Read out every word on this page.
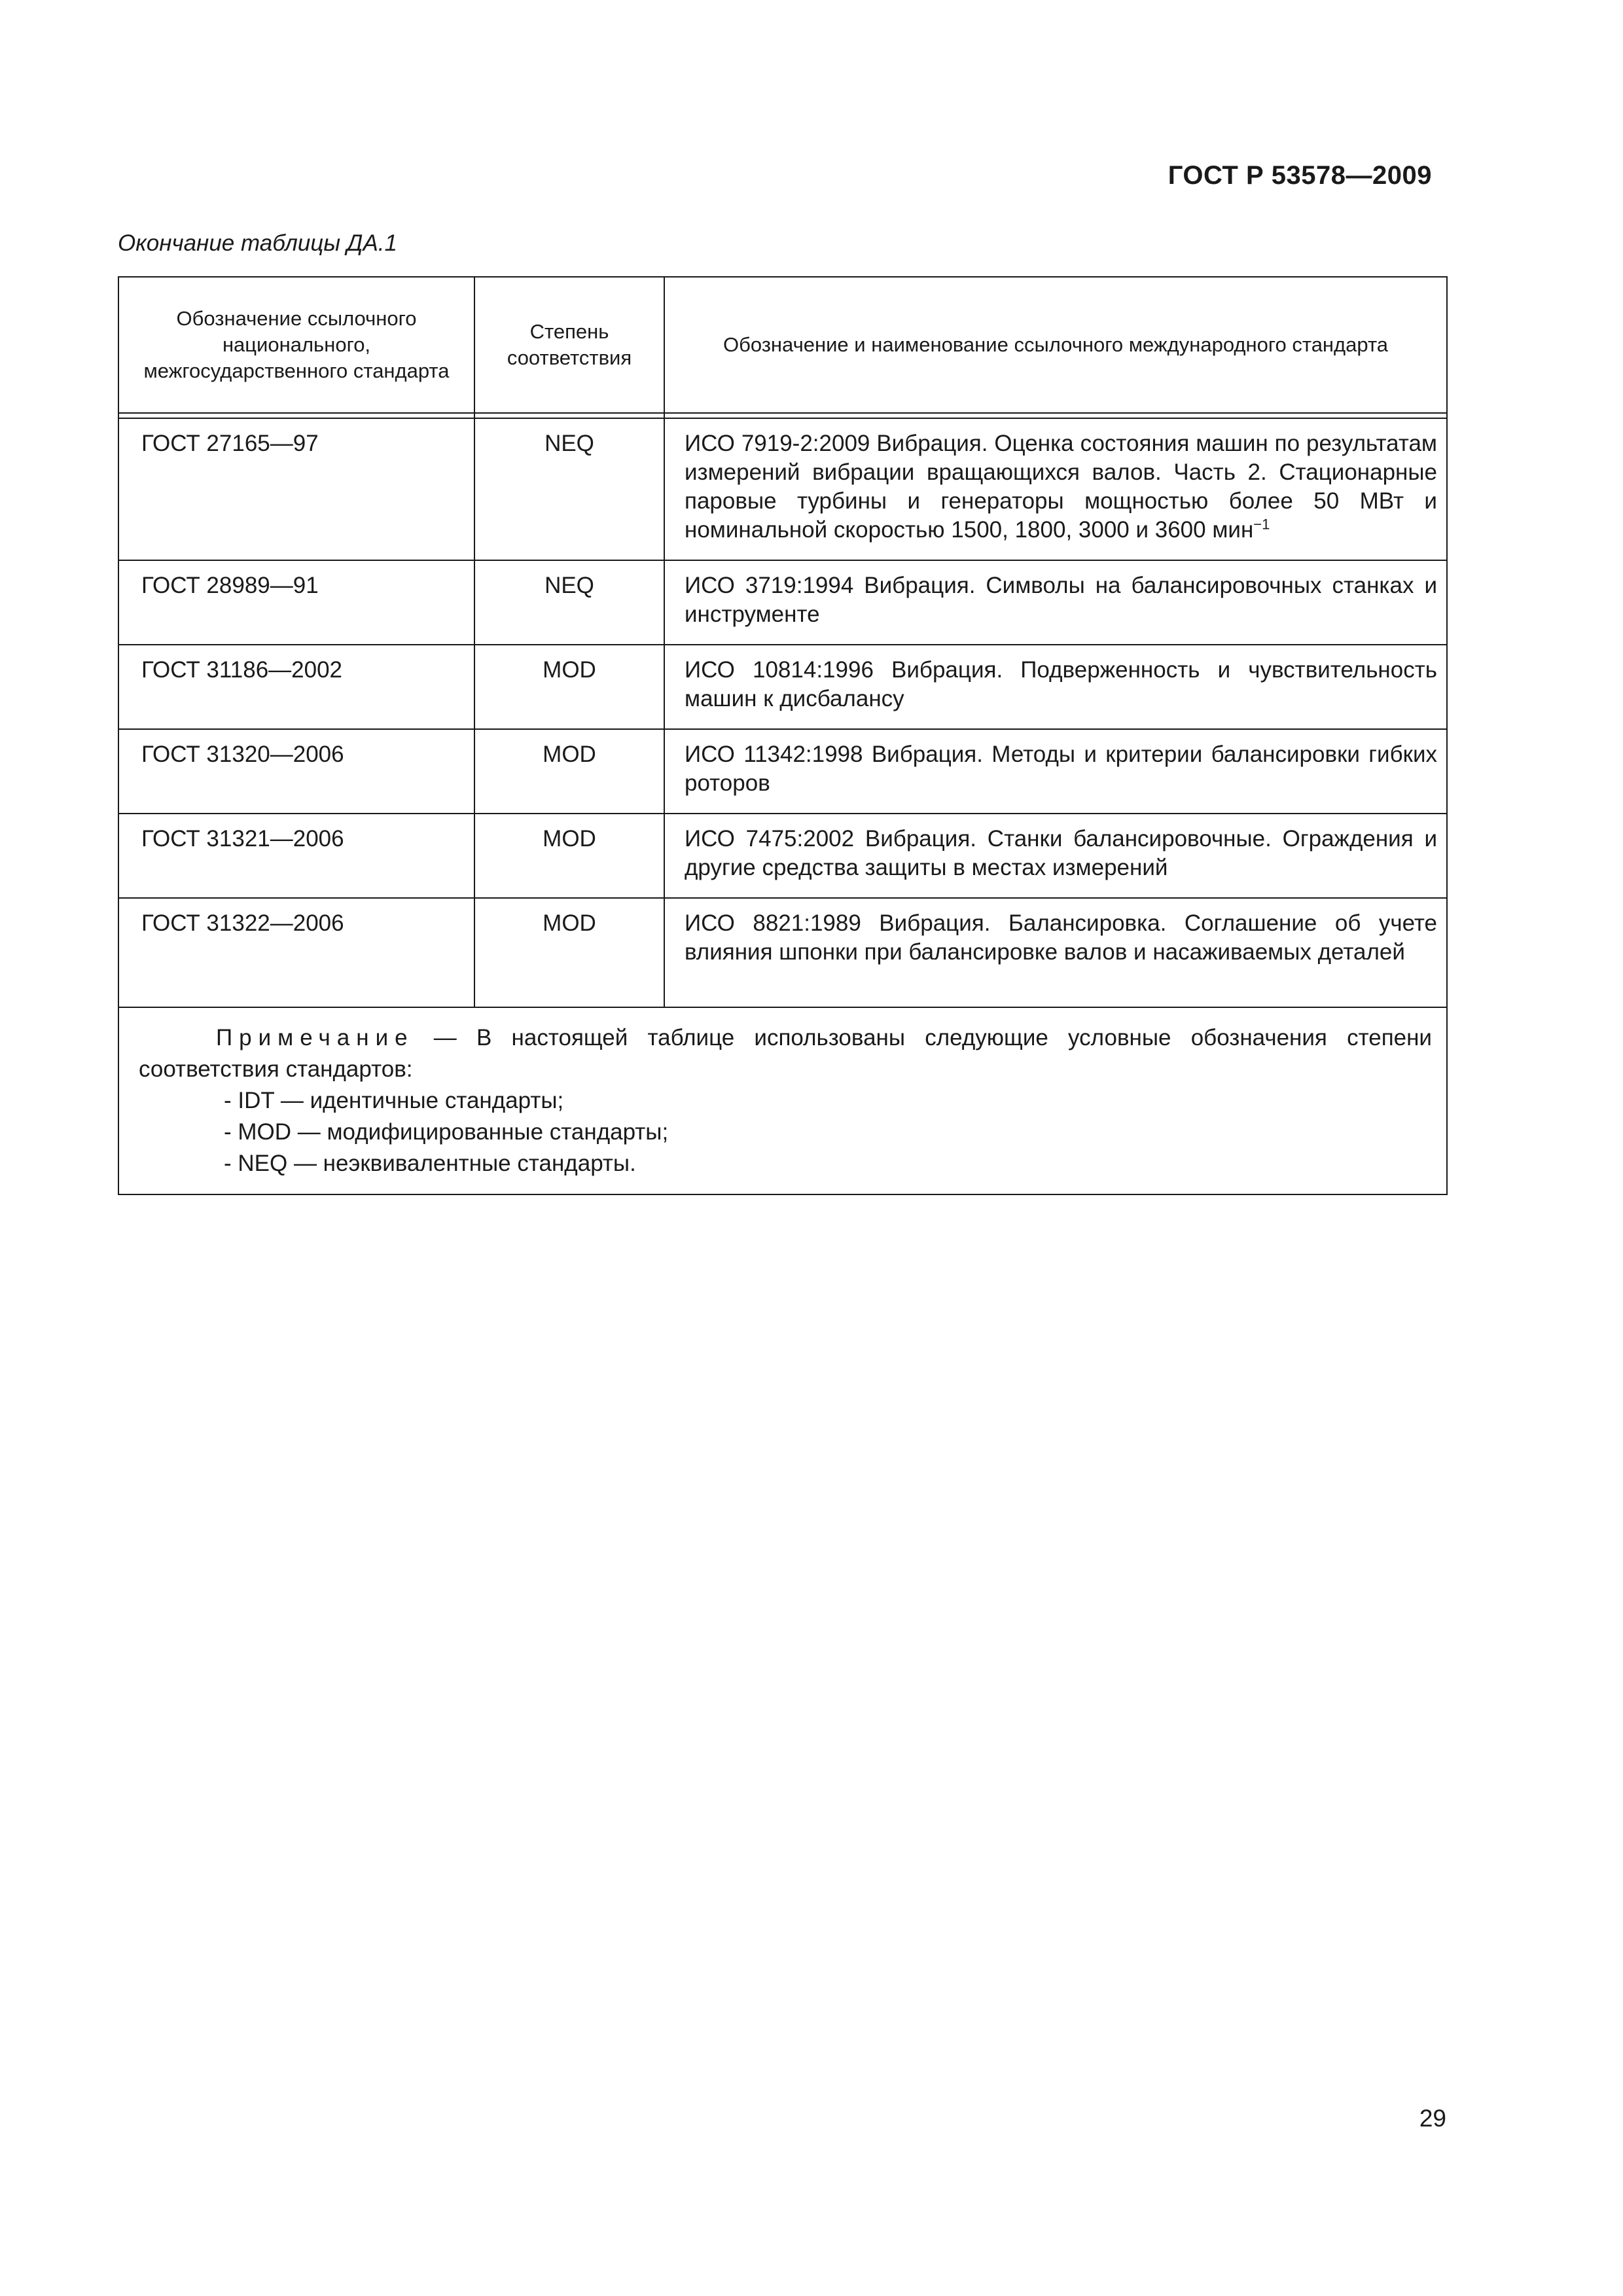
ГОСТ Р 53578—2009
Окончание таблицы ДА.1
Обозначение ссылочного национального, межгосударственного стандарта	Степень соответствия	Обозначение и наименование ссылочного международного стандарта

ГОСТ 27165—97	NEQ	ИСО 7919-2:2009 Вибрация. Оценка состояния машин по результатам измерений вибрации вращающихся валов. Часть 2. Стационарные паровые турбины и генераторы мощностью более 50 МВт и номинальной скоростью 1500, 1800, 3000 и 3600 мин$^{-1}$
ГОСТ 28989—91	NEQ	ИСО 3719:1994 Вибрация. Символы на балансировочных станках и инструменте
ГОСТ 31186—2002	MOD	ИСО 10814:1996 Вибрация. Подверженность и чувствительность машин к дисбалансу
ГОСТ 31320—2006	MOD	ИСО 11342:1998 Вибрация. Методы и критерии балансировки гибких роторов
ГОСТ 31321—2006	MOD	ИСО 7475:2002 Вибрация. Станки балансировочные. Ограждения и другие средства защиты в местах измерений
ГОСТ 31322—2006	MOD	ИСО 8821:1989 Вибрация. Балансировка. Соглашение об учете влияния шпонки при балансировке валов и насаживаемых деталей

Примечание — В настоящей таблице использованы следующие условные обозначения степени соответствия стандартов:
- IDT — идентичные стандарты;
- MOD — модифицированные стандарты;
- NEQ — неэквивалентные стандарты.		
29
